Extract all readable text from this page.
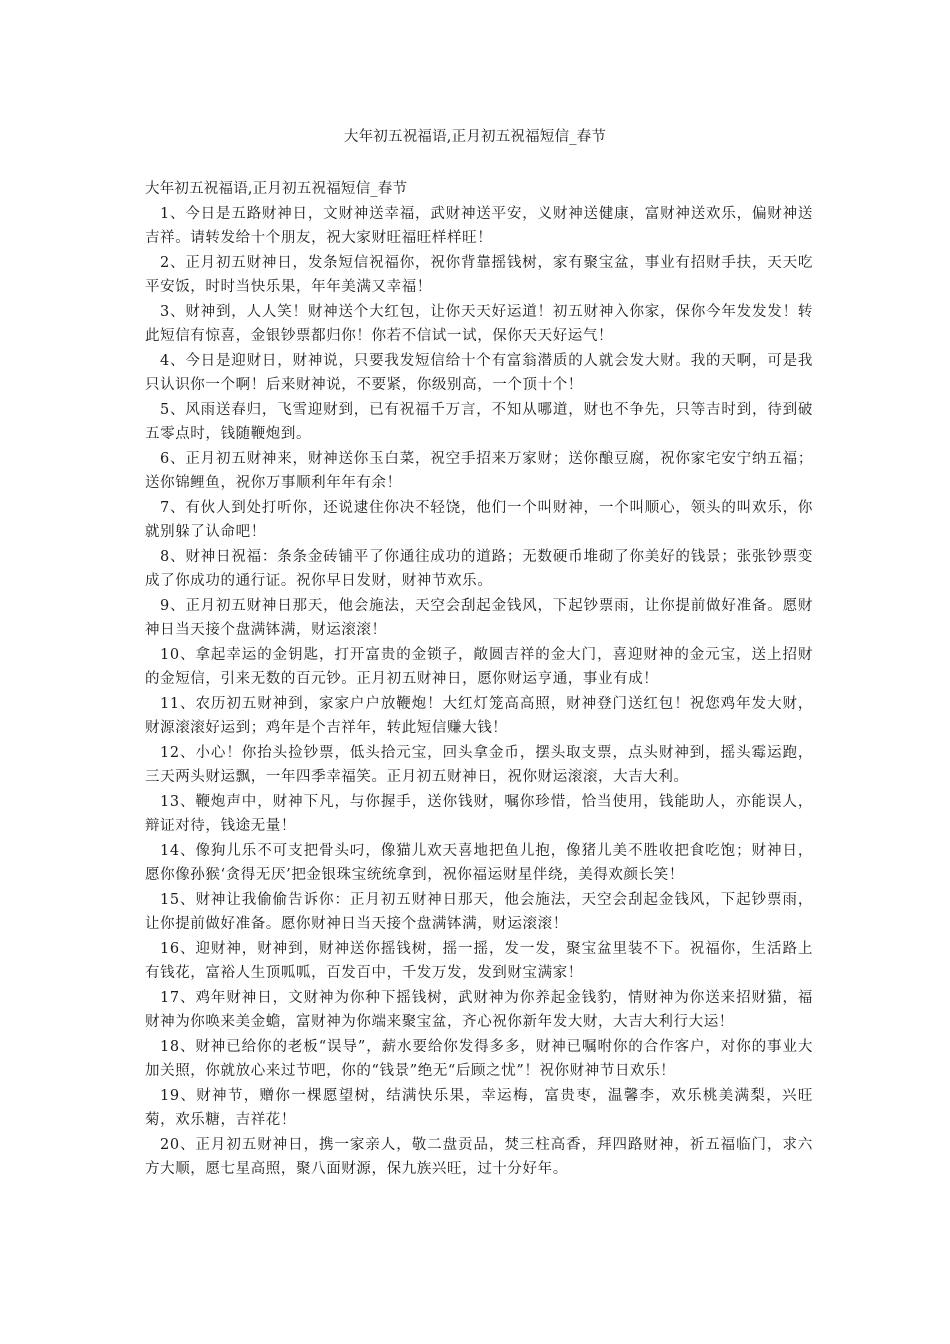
大年初五祝福语,正月初五祝福短信_春节

大年初五祝福语,正月初五祝福短信_春节

1、今日是五路财神日，文财神送幸福，武财神送平安，义财神送健康，富财神送欢乐，偏财神送吉祥。请转发给十个朋友，祝大家财旺福旺样样旺！

2、正月初五财神日，发条短信祝福你，祝你背靠摇钱树，家有聚宝盆，事业有招财手扶，天天吃平安饭，时时当快乐果，年年美满又幸福！

3、财神到，人人笑！财神送个大红包，让你天天好运道！初五财神入你家，保你今年发发发！转此短信有惊喜，金银钞票都归你！你若不信试一试，保你天天好运气！

4、今日是迎财日，财神说，只要我发短信给十个有富翁潜质的人就会发大财。我的天啊，可是我只认识你一个啊！后来财神说，不要紧，你级别高，一个顶十个！

5、风雨送春归，飞雪迎财到，已有祝福千万言，不知从哪道，财也不争先，只等吉时到，待到破五零点时，钱随鞭炮到。

6、正月初五财神来，财神送你玉白菜，祝空手招来万家财；送你酿豆腐，祝你家宅安宁纳五福；送你锦鲤鱼，祝你万事顺利年年有余！

7、有伙人到处打听你，还说逮住你决不轻饶，他们一个叫财神，一个叫顺心，领头的叫欢乐，你就别躲了认命吧！

8、财神日祝福：条条金砖铺平了你通往成功的道路；无数硬币堆砌了你美好的钱景；张张钞票变成了你成功的通行证。祝你早日发财，财神节欢乐。

9、正月初五财神日那天，他会施法，天空会刮起金钱风，下起钞票雨，让你提前做好准备。愿财神日当天接个盘满钵满，财运滚滚！

10、拿起幸运的金钥匙，打开富贵的金锁子，敞圆吉祥的金大门，喜迎财神的金元宝，送上招财的金短信，引来无数的百元钞。正月初五财神日，愿你财运亨通，事业有成！

11、农历初五财神到，家家户户放鞭炮！大红灯笼高高照，财神登门送红包！祝您鸡年发大财，财源滚滚好运到；鸡年是个吉祥年，转此短信赚大钱！

12、小心！你抬头捡钞票，低头拾元宝，回头拿金币，摆头取支票，点头财神到，摇头霉运跑，三天两头财运飘，一年四季幸福笑。正月初五财神日，祝你财运滚滚，大吉大利。

13、鞭炮声中，财神下凡，与你握手，送你钱财，嘱你珍惜，恰当使用，钱能助人，亦能误人，辩证对待，钱途无量！

14、像狗儿乐不可支把骨头叼，像猫儿欢天喜地把鱼儿抱，像猪儿美不胜收把食吃饱；财神日，愿你像孙猴‘贪得无厌’把金银珠宝统统拿到，祝你福运财星伴绕，美得欢颜长笑！

15、财神让我偷偷告诉你：正月初五财神日那天，他会施法，天空会刮起金钱风，下起钞票雨，让你提前做好准备。愿你财神日当天接个盘满钵满，财运滚滚！

16、迎财神，财神到，财神送你摇钱树，摇一摇，发一发，聚宝盆里装不下。祝福你，生活路上有钱花，富裕人生顶呱呱，百发百中，千发万发，发到财宝满家！

17、鸡年财神日，文财神为你种下摇钱树，武财神为你养起金钱豹，情财神为你送来招财猫，福财神为你唤来美金蟾，富财神为你端来聚宝盆，齐心祝你新年发大财，大吉大利行大运！

18、财神已给你的老板“误导”，薪水要给你发得多多，财神已嘱咐你的合作客户，对你的事业大加关照，你就放心来过节吧，你的“钱景”绝无“后顾之忧”！祝你财神节日欢乐！

19、财神节，赠你一棵愿望树，结满快乐果，幸运梅，富贵枣，温馨李，欢乐桃美满梨，兴旺菊，欢乐糖，吉祥花！

20、正月初五财神日，携一家亲人，敬二盘贡品，焚三柱高香，拜四路财神，祈五福临门，求六方大顺，愿七星高照，聚八面财源，保九族兴旺，过十分好年。
